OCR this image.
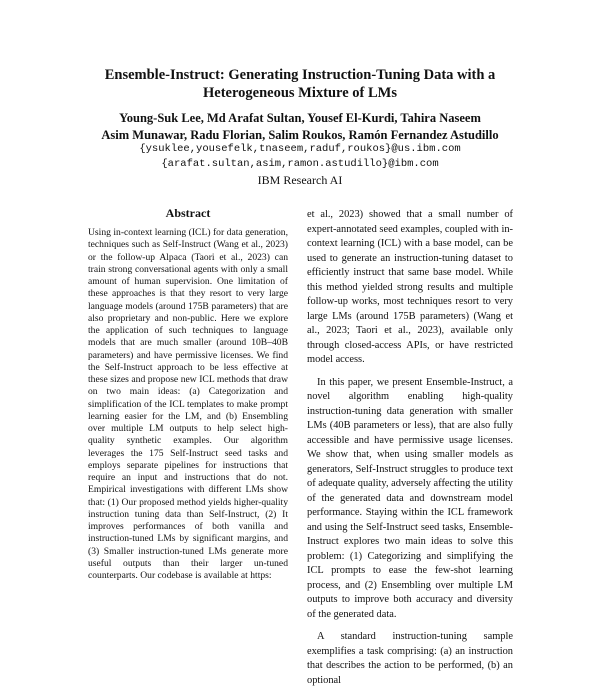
Ensemble-Instruct: Generating Instruction-Tuning Data with a
Heterogeneous Mixture of LMs
Young-Suk Lee, Md Arafat Sultan, Yousef El-Kurdi, Tahira Naseem
Asim Munawar, Radu Florian, Salim Roukos, Ramón Fernandez Astudillo
{ysuklee,yousefelk,tnaseem,raduf,roukos}@us.ibm.com
{arafat.sultan,asim,ramon.astudillo}@ibm.com
IBM Research AI
Abstract
Using in-context learning (ICL) for data generation, techniques such as Self-Instruct (Wang et al., 2023) or the follow-up Alpaca (Taori et al., 2023) can train strong conversational agents with only a small amount of human supervision. One limitation of these approaches is that they resort to very large language models (around 175B parameters) that are also proprietary and non-public. Here we explore the application of such techniques to language models that are much smaller (around 10B–40B parameters) and have permissive licenses. We find the Self-Instruct approach to be less effective at these sizes and propose new ICL methods that draw on two main ideas: (a) Categorization and simplification of the ICL templates to make prompt learning easier for the LM, and (b) Ensembling over multiple LM outputs to help select high-quality synthetic examples. Our algorithm leverages the 175 Self-Instruct seed tasks and employs separate pipelines for instructions that require an input and instructions that do not. Empirical investigations with different LMs show that: (1) Our proposed method yields higher-quality instruction tuning data than Self-Instruct, (2) It improves performances of both vanilla and instruction-tuned LMs by significant margins, and (3) Smaller instruction-tuned LMs generate more useful outputs than their larger un-tuned counterparts. Our codebase is available at https:

et al., 2023) showed that a small number of expert-annotated seed examples, coupled with in-context learning (ICL) with a base model, can be used to generate an instruction-tuning dataset to efficiently instruct that same base model. While this method yielded strong results and multiple follow-up works, most techniques resort to very large LMs (around 175B parameters) (Wang et al., 2023; Taori et al., 2023), available only through closed-access APIs, or have restricted model access.

In this paper, we present Ensemble-Instruct, a novel algorithm enabling high-quality instruction-tuning data generation with smaller LMs (40B parameters or less), that are also fully accessible and have permissive usage licenses. We show that, when using smaller models as generators, Self-Instruct struggles to produce text of adequate quality, adversely affecting the utility of the generated data and downstream model performance. Staying within the ICL framework and using the Self-Instruct seed tasks, Ensemble-Instruct explores two main ideas to solve this problem: (1) Categorizing and simplifying the ICL prompts to ease the few-shot learning process, and (2) Ensembling over multiple LM outputs to improve both accuracy and diversity of the generated data.

A standard instruction-tuning sample exemplifies a task comprising: (a) an instruction that describes the action to be performed, (b) an optional
